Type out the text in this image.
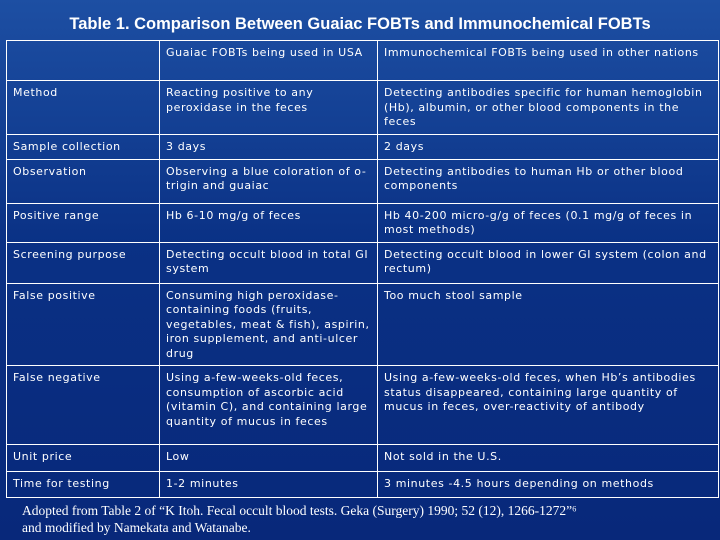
Table 1. Comparison Between Guaiac FOBTs and Immunochemical FOBTs
	Guaiac FOBTs being used in USA	Immunochemical FOBTs being used in other nations
Method	Reacting positive to any peroxidase in the feces	Detecting antibodies specific for human hemoglobin (Hb), albumin, or other blood components in the feces
Sample collection	3 days	2 days
Observation	Observing a blue coloration of o-trigin and guaiac	Detecting antibodies to human Hb or other blood components
Positive range	Hb 6-10 mg/g of feces	Hb 40-200 micro-g/g of feces (0.1 mg/g of feces in most methods)
Screening purpose	Detecting occult blood in total GI system	Detecting occult blood in lower GI system (colon and rectum)
False positive	Consuming high peroxidase-containing foods (fruits, vegetables, meat & fish), aspirin, iron supplement, and anti-ulcer drug	Too much stool sample
False negative	Using a-few-weeks-old feces, consumption of ascorbic acid (vitamin C), and containing large quantity of mucus in feces	Using a-few-weeks-old feces, when Hb’s antibodies status disappeared, containing large quantity of mucus in feces, over-reactivity of antibody
Unit price	Low	Not sold in the U.S.
Time for testing	1-2 minutes	3 minutes -4.5 hours depending on methods
Adopted from Table 2 of “K Itoh. Fecal occult blood tests. Geka (Surgery) 1990; 52 (12), 1266-1272”⁶
and modified by Namekata and Watanabe.
